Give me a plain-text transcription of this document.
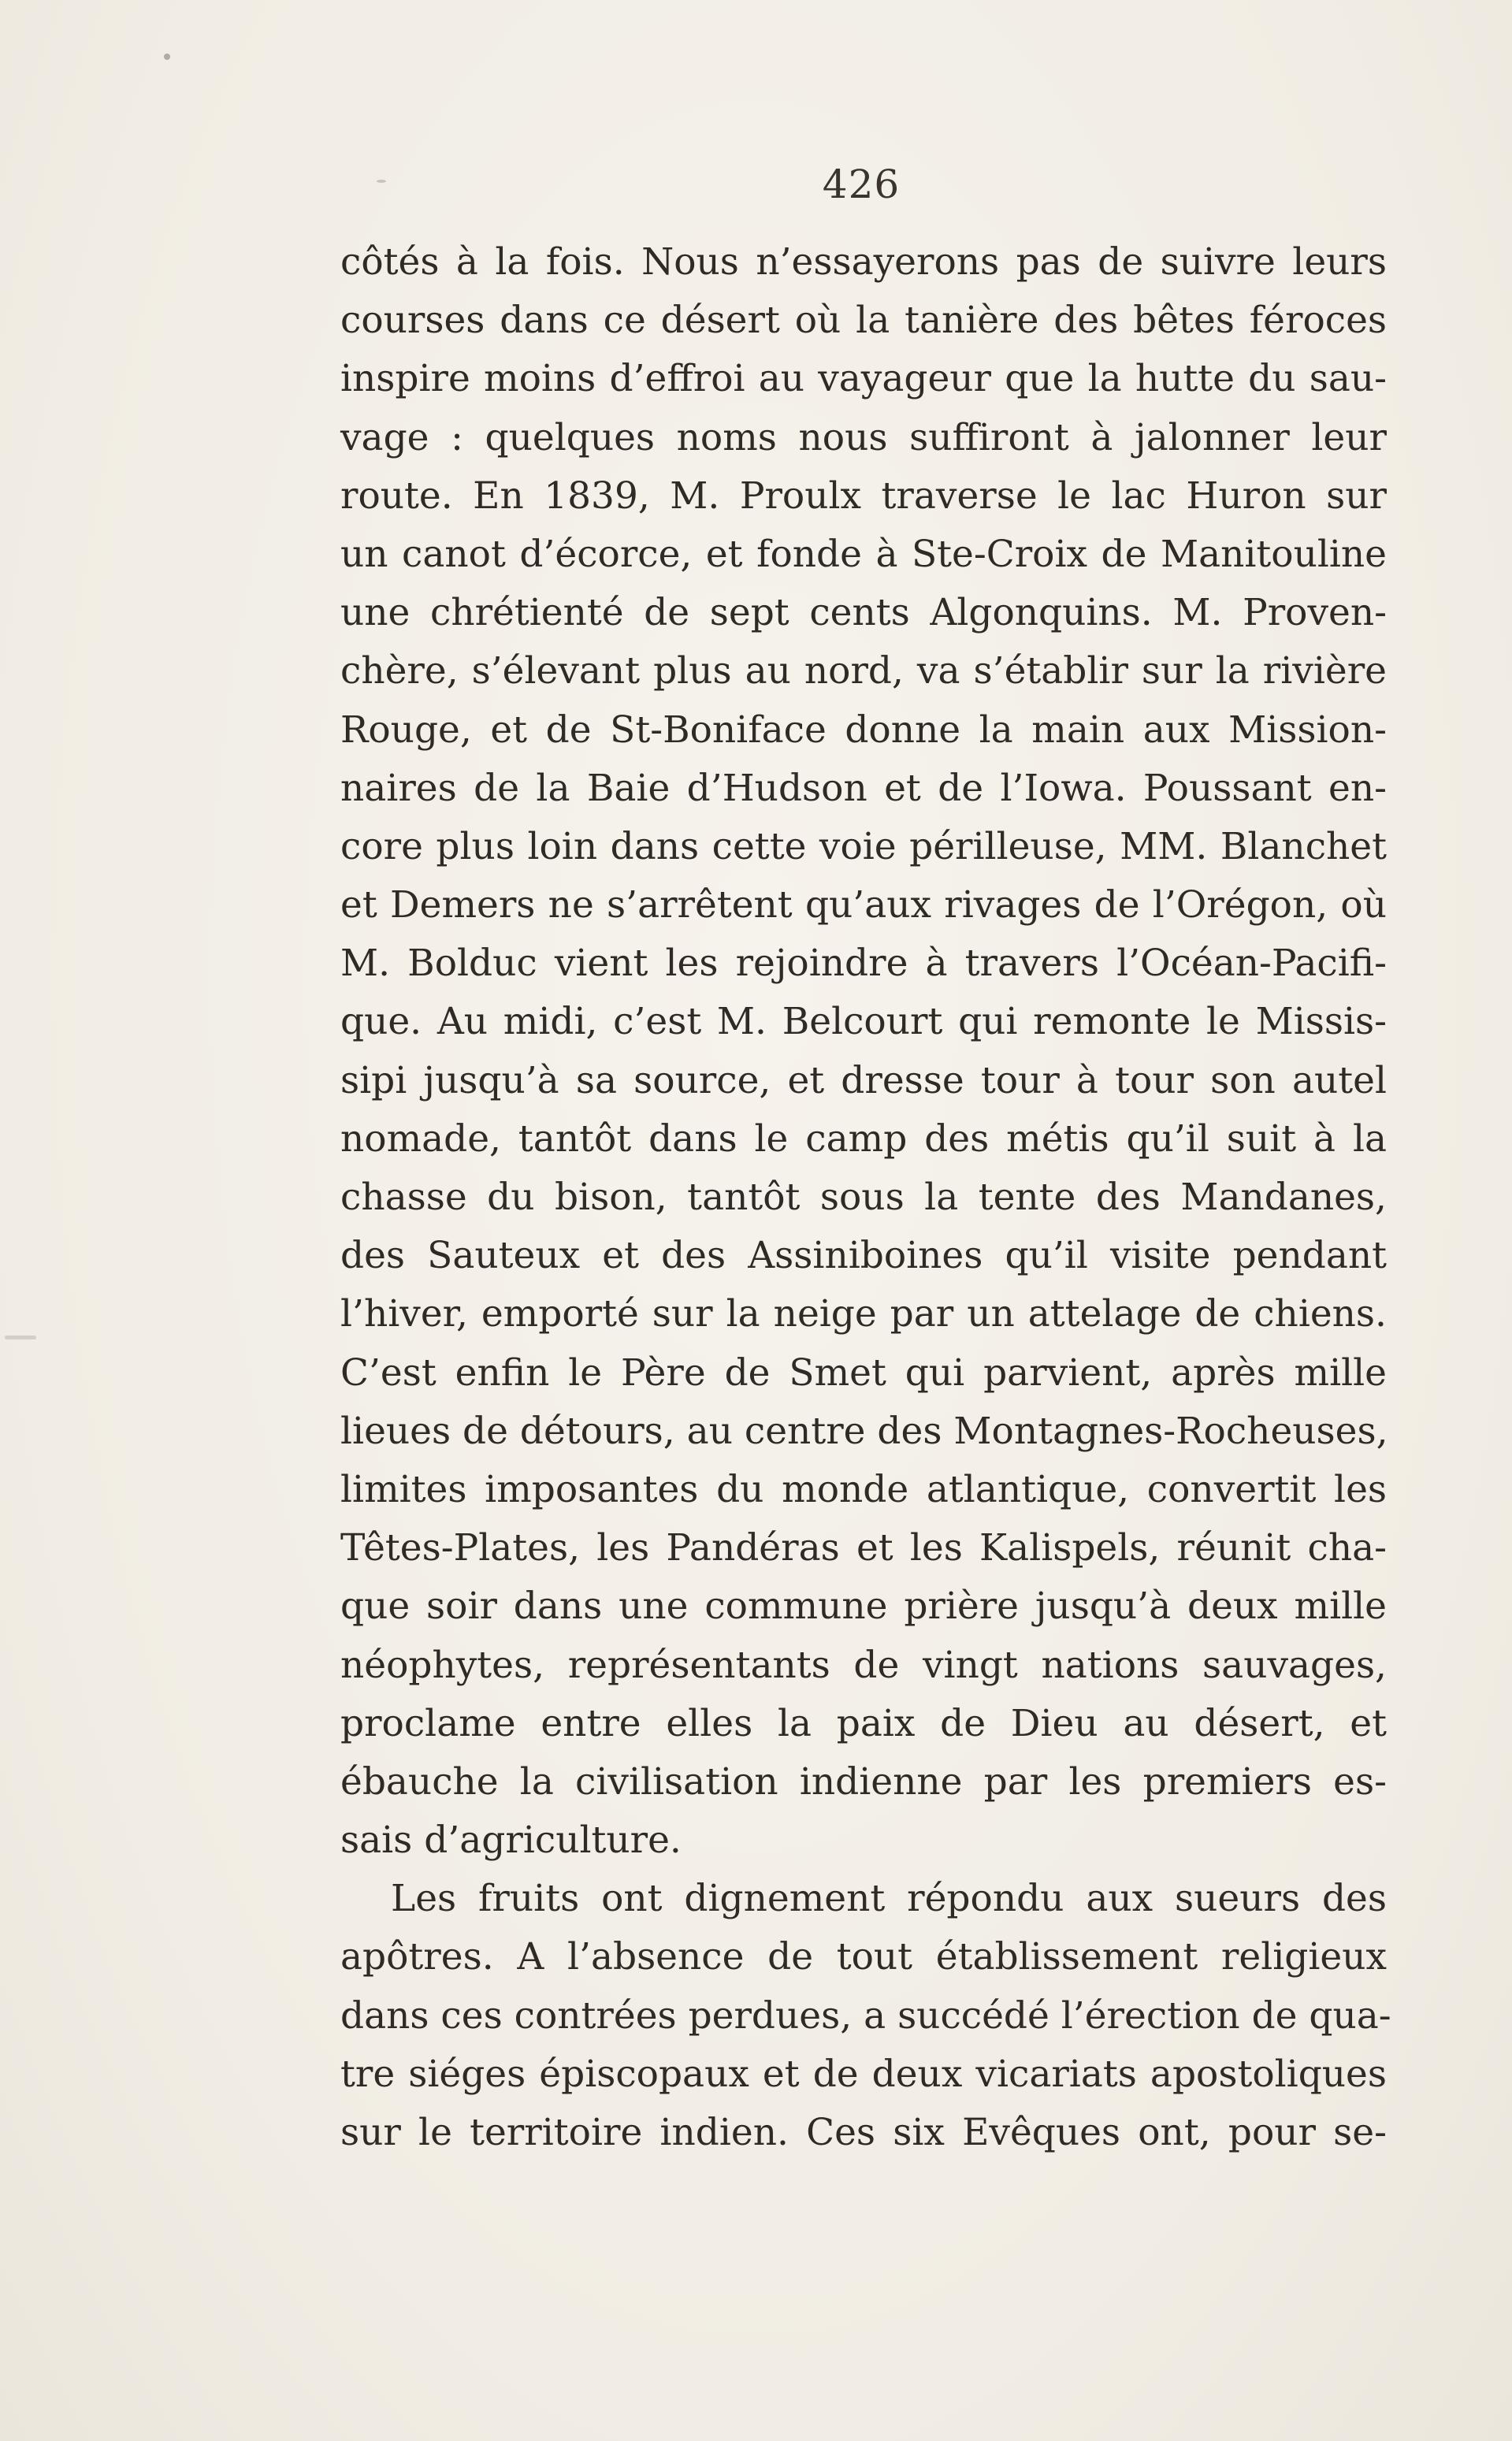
426
côtés à la fois. Nous n’essayerons pas de suivre leurs
courses dans ce désert où la tanière des bêtes féroces
inspire moins d’effroi au vayageur que la hutte du sau-
vage : quelques noms nous suffiront à jalonner leur
route. En 1839, M. Proulx traverse le lac Huron sur
un canot d’écorce, et fonde à Ste-Croix de Manitouline
une chrétienté de sept cents Algonquins. M. Proven-
chère, s’élevant plus au nord, va s’établir sur la rivière
Rouge, et de St-Boniface donne la main aux Mission-
naires de la Baie d’Hudson et de l’Iowa. Poussant en-
core plus loin dans cette voie périlleuse, MM. Blanchet
et Demers ne s’arrêtent qu’aux rivages de l’Orégon, où
M. Bolduc vient les rejoindre à travers l’Océan-Pacifi-
que. Au midi, c’est M. Belcourt qui remonte le Missis-
sipi jusqu’à sa source, et dresse tour à tour son autel
nomade, tantôt dans le camp des métis qu’il suit à la
chasse du bison, tantôt sous la tente des Mandanes,
des Sauteux et des Assiniboines qu’il visite pendant
l’hiver, emporté sur la neige par un attelage de chiens.
C’est enfin le Père de Smet qui parvient, après mille
lieues de détours, au centre des Montagnes-Rocheuses,
limites imposantes du monde atlantique, convertit les
Têtes-Plates, les Pandéras et les Kalispels, réunit cha-
que soir dans une commune prière jusqu’à deux mille
néophytes, représentants de vingt nations sauvages,
proclame entre elles la paix de Dieu au désert, et
ébauche la civilisation indienne par les premiers es-
sais d’agriculture.
Les fruits ont dignement répondu aux sueurs des
apôtres. A l’absence de tout établissement religieux
dans ces contrées perdues, a succédé l’érection de qua-
tre siéges épiscopaux et de deux vicariats apostoliques
sur le territoire indien. Ces six Evêques ont, pour se-
